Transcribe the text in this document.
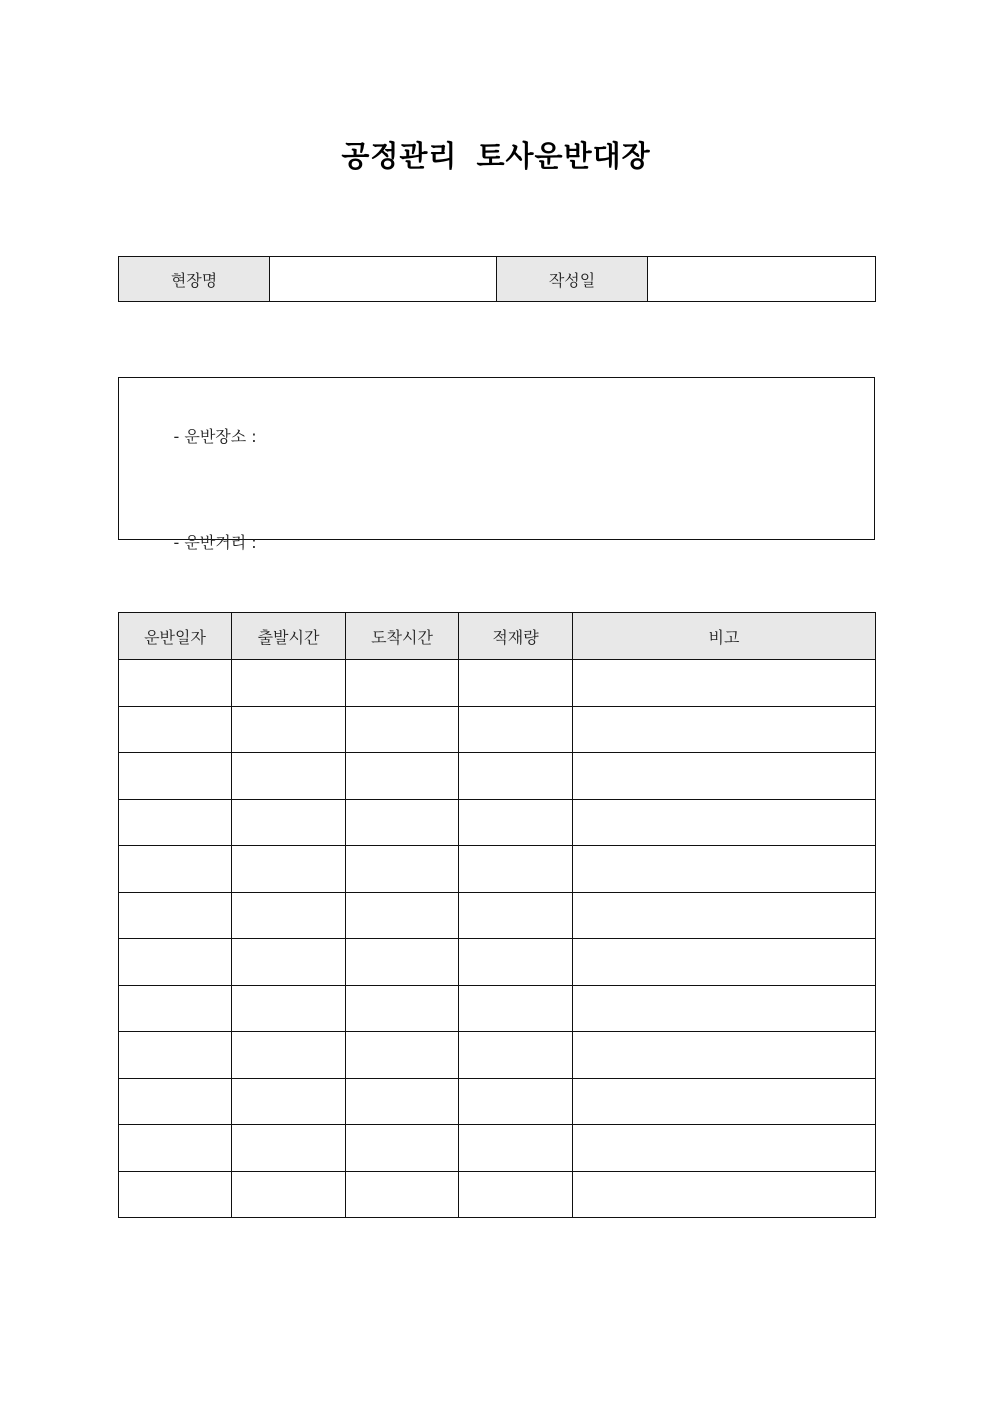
공정관리 토사운반대장
현장명		작성일	

- 운반장소 :

- 운반거리 :

운반일자	출발시간	도착시간	적재량	비고
